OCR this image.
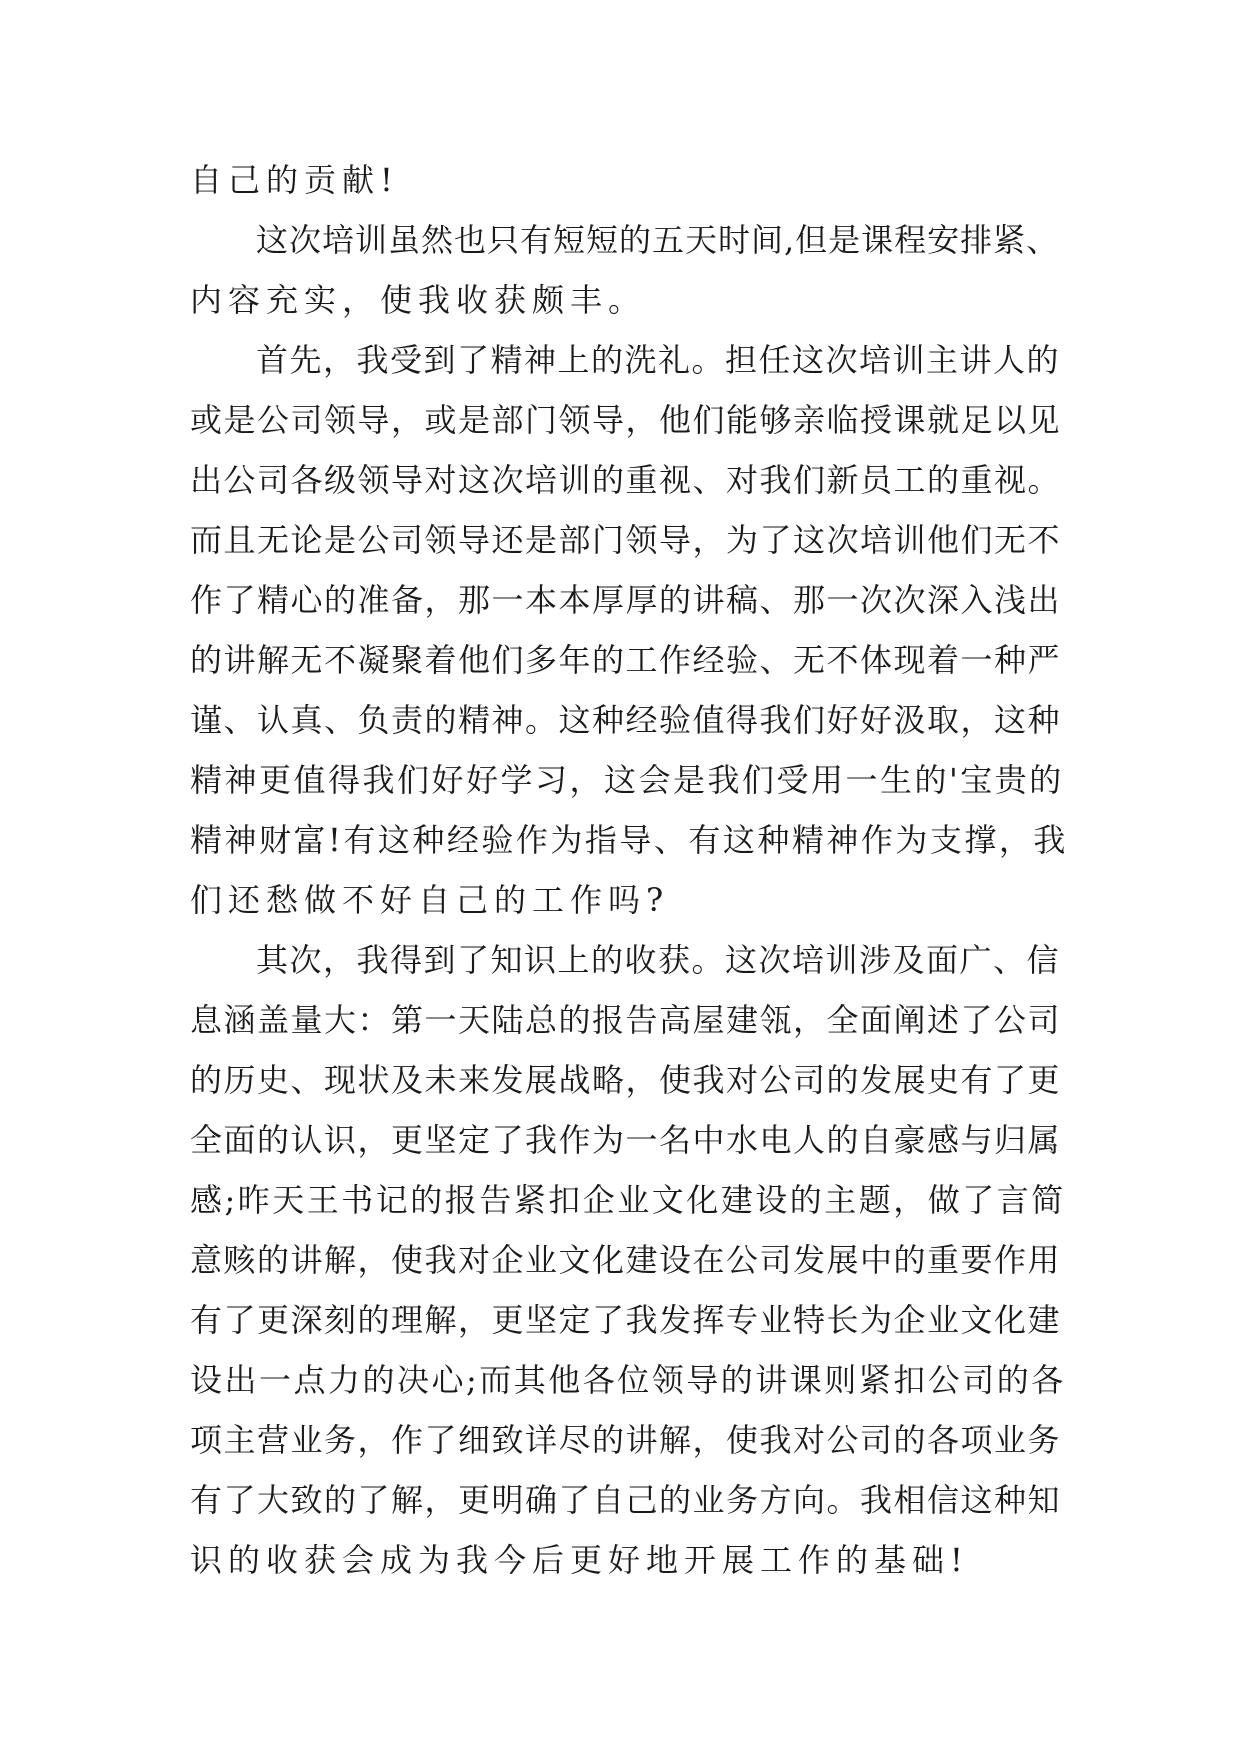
自己的贡献!
这次培训虽然也只有短短的五天时间,但是课程安排紧、
内容充实，使我收获颇丰。
首先，我受到了精神上的洗礼。担任这次培训主讲人的
或是公司领导，或是部门领导，他们能够亲临授课就足以见
出公司各级领导对这次培训的重视、对我们新员工的重视。
而且无论是公司领导还是部门领导，为了这次培训他们无不
作了精心的准备，那一本本厚厚的讲稿、那一次次深入浅出
的讲解无不凝聚着他们多年的工作经验、无不体现着一种严
谨、认真、负责的精神。这种经验值得我们好好汲取，这种
精神更值得我们好好学习，这会是我们受用一生的'宝贵的
精神财富!有这种经验作为指导、有这种精神作为支撑，我
们还愁做不好自己的工作吗?
其次，我得到了知识上的收获。这次培训涉及面广、信
息涵盖量大：第一天陆总的报告高屋建瓴，全面阐述了公司
的历史、现状及未来发展战略，使我对公司的发展史有了更
全面的认识，更坚定了我作为一名中水电人的自豪感与归属
感;昨天王书记的报告紧扣企业文化建设的主题，做了言简
意赅的讲解，使我对企业文化建设在公司发展中的重要作用
有了更深刻的理解，更坚定了我发挥专业特长为企业文化建
设出一点力的决心;而其他各位领导的讲课则紧扣公司的各
项主营业务，作了细致详尽的讲解，使我对公司的各项业务
有了大致的了解，更明确了自己的业务方向。我相信这种知
识的收获会成为我今后更好地开展工作的基础!
